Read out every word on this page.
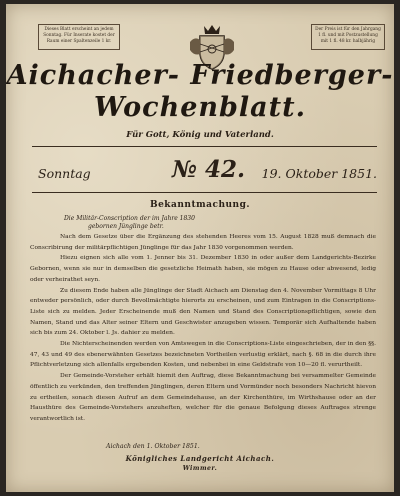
Dieses Blatt erscheint an jedem Sonntag. Für Inserate kostet der Raum einer Spaltenzeile 1 kr.
Der Preis ist für den Jahrgang 1 fl. und mit Postzustellung mit 1 fl. 48 kr. halbjährig
Aichacher- Friedberger-
Wochenblatt.
Für Gott, König und Vaterland.
Sonntag	№ 42. 19. Oktober 1851.
Bekanntmachung.
Die Militär-Conscription der im Jahre 1830
gebornen Jünglinge betr.

Nach dem Gesetze über die Ergänzung des stehenden Heeres vom 15. August 1828 muß demnach die Conscribirung der militärpflichtigen Jünglinge für das Jahr 1830 vorgenommen werden.

Hiezu eignen sich alle vom 1. Jenner bis 31. Dezember 1830 in oder außer dem Landgerichts-Bezirke Gebornen, wenn sie nur in demselben die gesetzliche Heimath haben, sie mögen zu Hause oder abwesend, ledig oder verheirathet seyn.

Zu diesem Ende haben alle Jünglinge der Stadt Aichach am Dienstag den 4. November Vormittags 8 Uhr entweder persönlich, oder durch Bevollmächtigte hierorts zu erscheinen, und zum Eintragen in die Conscriptions-Liste sich zu melden. Jeder Erscheinende muß den Namen und Stand des Conscriptionspflichtigen, sowie den Namen, Stand und das Alter seiner Eltern und Geschwister anzugeben wissen. Temporär sich Aufhaltende haben sich bis zum 24. Oktober l. Js. dahier zu melden.

Die Nichterscheinenden werden von Amtswegen in die Conscriptions-Liste eingeschrieben, der in den §§. 47, 43 und 49 des ebenerwähnten Gesetzes bezeichneten Vortheilen verlustig erklärt, nach §. 68 in die durch ihre Pflichtverletzung sich allenfalls ergebenden Kosten, und nebenbei in eine Geldstrafe von 10—20 fl. verurtheilt.

Der Gemeinde-Vorsteher erhält hiemit den Auftrag, diese Bekanntmachung bei versammelter Gemeinde öffentlich zu verkünden, den treffenden Jünglingen, deren Eltern und Vormünder noch besonders Nachricht hievon zu ertheilen, sonach diesen Aufruf an dem Gemeindehause, an der Kirchenthüre, im Wirthshause oder an der Hausthüre des Gemeinde-Vorstehers anzuheften, welcher für die genaue Befolgung dieses Auftrages strenge verantwortlich ist.

Aichach den 1. Oktober 1851.
Königliches Landgericht Aichach.
Wimmer.
